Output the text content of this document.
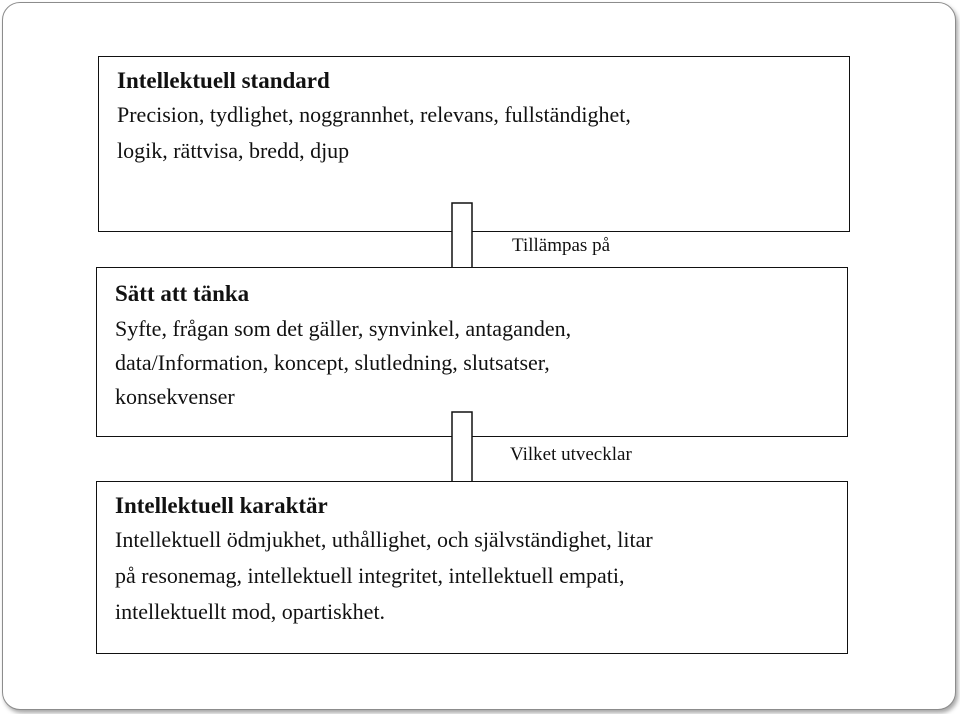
Intellektuell standard

Precision, tydlighet, noggrannhet, relevans, fullständighet,
logik, rättvisa, bredd, djup

Tillämpas på

Sätt att tänka

Syfte, frågan som det gäller, synvinkel, antaganden,
data/Information, koncept, slutledning, slutsatser,
konsekvenser

Vilket utvecklar

Intellektuell karaktär

Intellektuell ödmjukhet, uthållighet, och självständighet, litar
på resonemag, intellektuell integritet, intellektuell empati,
intellektuellt mod, opartiskhet.
